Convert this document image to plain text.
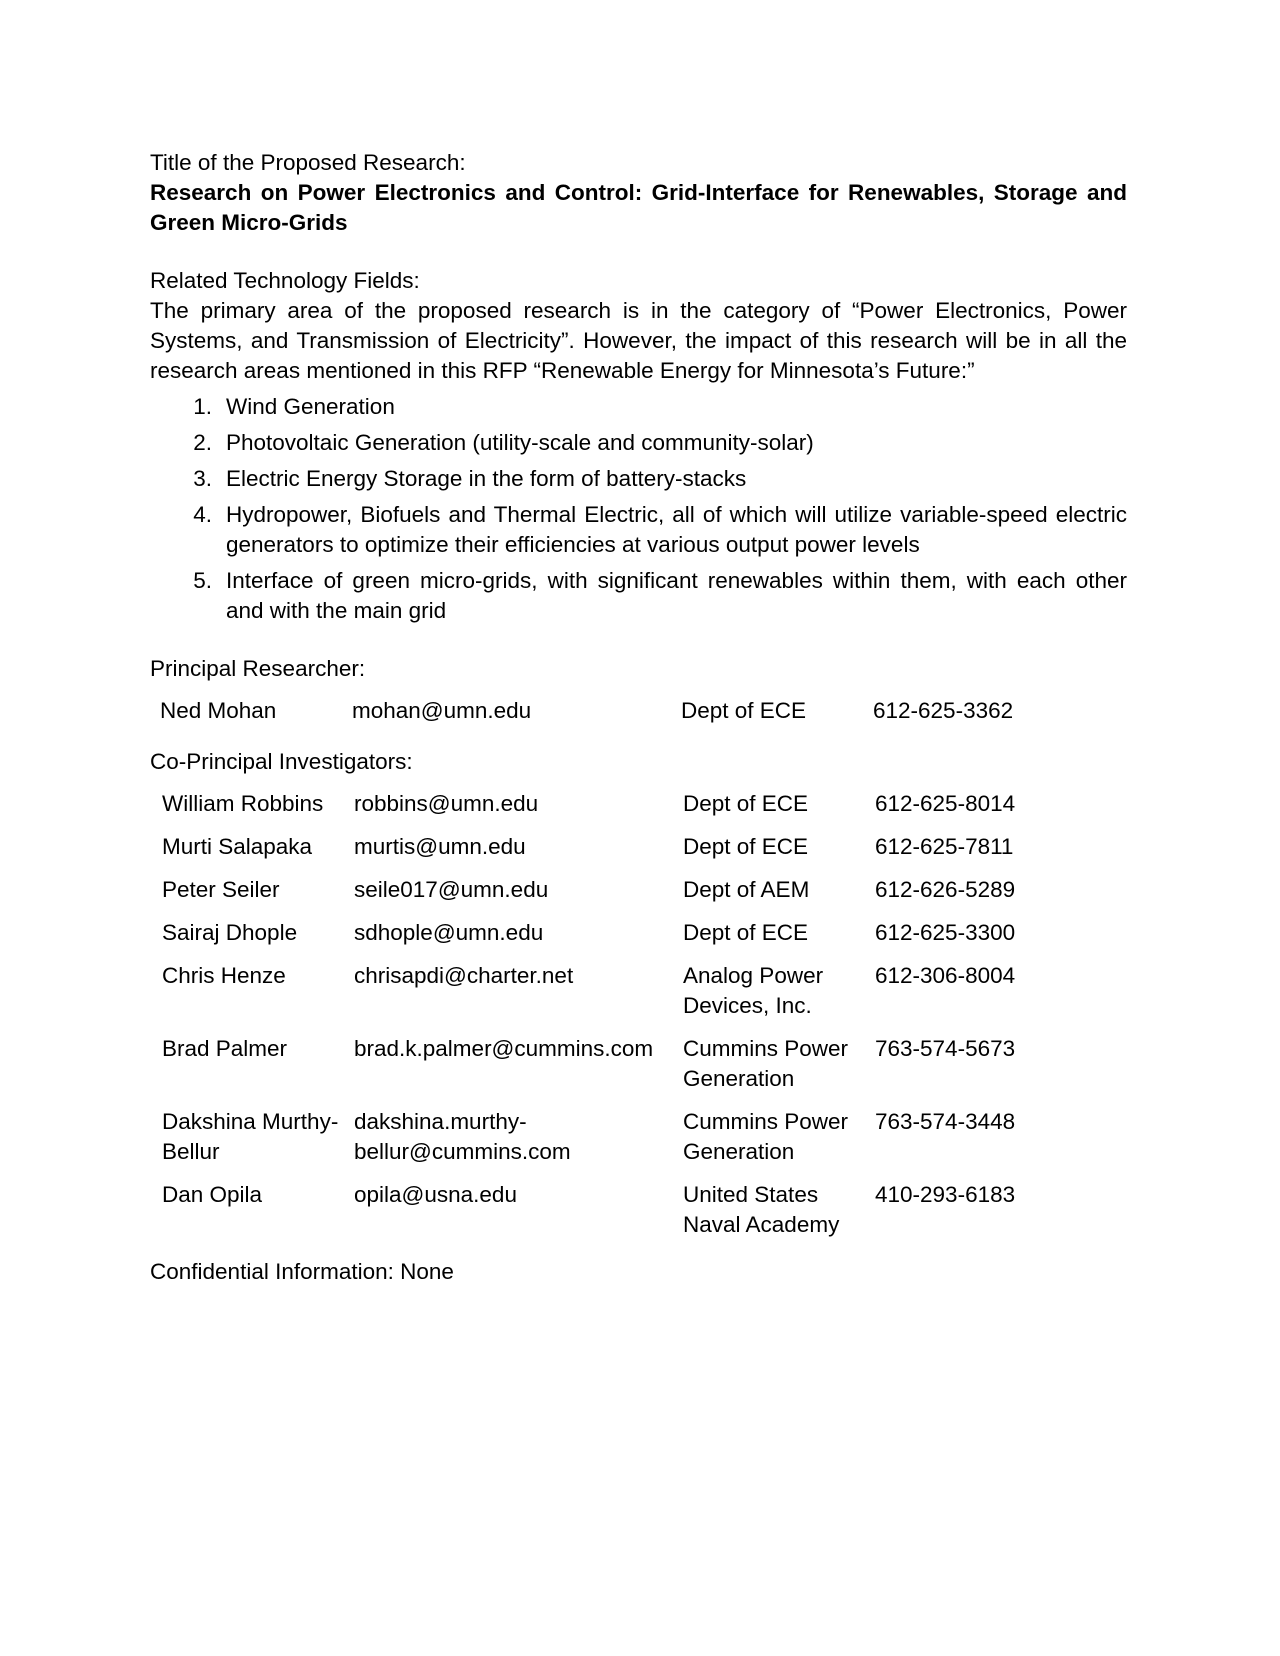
Title of the Proposed Research:
Research on Power Electronics and Control: Grid-Interface for Renewables, Storage and Green Micro-Grids
Related Technology Fields:
The primary area of the proposed research is in the category of “Power Electronics, Power Systems, and Transmission of Electricity”. However, the impact of this research will be in all the research areas mentioned in this RFP “Renewable Energy for Minnesota’s Future:”
1. Wind Generation
2. Photovoltaic Generation (utility-scale and community-solar)
3. Electric Energy Storage in the form of battery-stacks
4. Hydropower, Biofuels and Thermal Electric, all of which will utilize variable-speed electric generators to optimize their efficiencies at various output power levels
5. Interface of green micro-grids, with significant renewables within them, with each other and with the main grid
Principal Researcher:
Ned Mohan	mohan@umn.edu	Dept of ECE	612-625-3362
Co-Principal Investigators:
William Robbins	robbins@umn.edu	Dept of ECE	612-625-8014
Murti Salapaka	murtis@umn.edu	Dept of ECE	612-625-7811
Peter Seiler	seile017@umn.edu	Dept of AEM	612-626-5289
Sairaj Dhople	sdhople@umn.edu	Dept of ECE	612-625-3300
Chris Henze	chrisapdi@charter.net	Analog Power Devices, Inc.	612-306-8004
Brad Palmer	brad.k.palmer@cummins.com	Cummins Power Generation	763-574-5673
Dakshina Murthy-Bellur	dakshina.murthy-bellur@cummins.com	Cummins Power Generation	763-574-3448
Dan Opila	opila@usna.edu	United States Naval Academy	410-293-6183
Confidential Information: None
